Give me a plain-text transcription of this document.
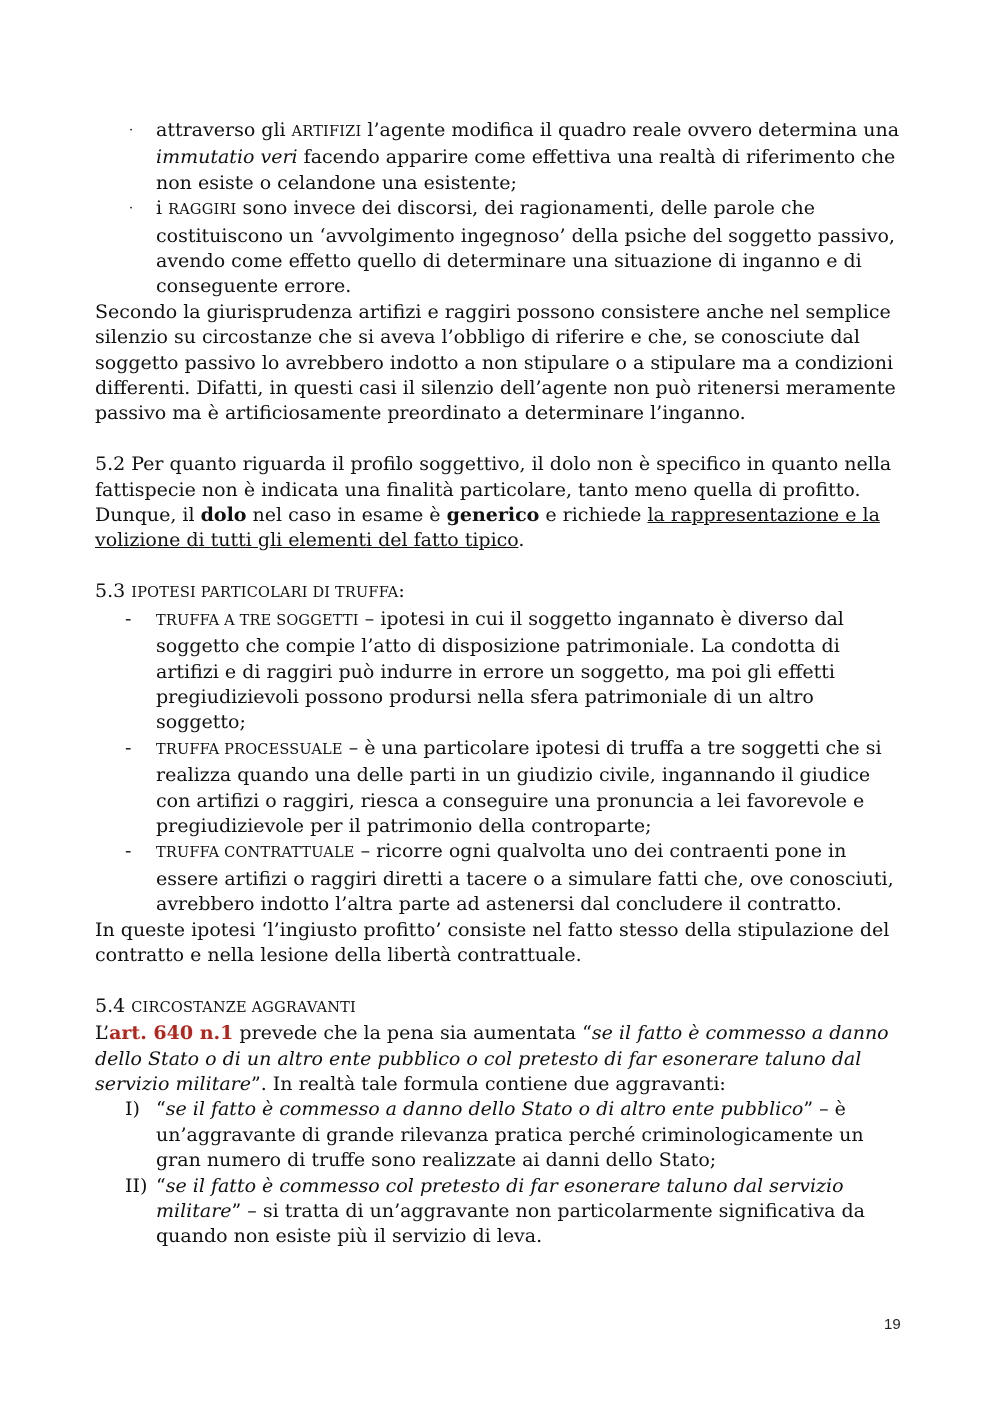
· attraverso gli ARTIFIZI l’agente modifica il quadro reale ovvero determina una immutatio veri facendo apparire come effettiva una realtà di riferimento che non esiste o celandone una esistente;
· i RAGGIRI sono invece dei discorsi, dei ragionamenti, delle parole che costituiscono un ‘avvolgimento ingegnoso’ della psiche del soggetto passivo, avendo come effetto quello di determinare una situazione di inganno e di conseguente errore.

Secondo la giurisprudenza artifizi e raggiri possono consistere anche nel semplice silenzio su circostanze che si aveva l’obbligo di riferire e che, se conosciute dal soggetto passivo lo avrebbero indotto a non stipulare o a stipulare ma a condizioni differenti. Difatti, in questi casi il silenzio dell’agente non può ritenersi meramente passivo ma è artificiosamente preordinato a determinare l’inganno.

5.2 Per quanto riguarda il profilo soggettivo, il dolo non è specifico in quanto nella fattispecie non è indicata una finalità particolare, tanto meno quella di profitto. Dunque, il dolo nel caso in esame è generico e richiede la rappresentazione e la volizione di tutti gli elementi del fatto tipico.

5.3 IPOTESI PARTICOLARI DI TRUFFA:

- TRUFFA A TRE SOGGETTI – ipotesi in cui il soggetto ingannato è diverso dal soggetto che compie l’atto di disposizione patrimoniale. La condotta di artifizi e di raggiri può indurre in errore un soggetto, ma poi gli effetti pregiudizievoli possono prodursi nella sfera patrimoniale di un altro soggetto;
- TRUFFA PROCESSUALE – è una particolare ipotesi di truffa a tre soggetti che si realizza quando una delle parti in un giudizio civile, ingannando il giudice con artifizi o raggiri, riesca a conseguire una pronuncia a lei favorevole e pregiudizievole per il patrimonio della controparte;
- TRUFFA CONTRATTUALE – ricorre ogni qualvolta uno dei contraenti pone in essere artifizi o raggiri diretti a tacere o a simulare fatti che, ove conosciuti, avrebbero indotto l’altra parte ad astenersi dal concludere il contratto.

In queste ipotesi ‘l’ingiusto profitto’ consiste nel fatto stesso della stipulazione del contratto e nella lesione della libertà contrattuale.

5.4 CIRCOSTANZE AGGRAVANTI

L’art. 640 n.1 prevede che la pena sia aumentata “se il fatto è commesso a danno dello Stato o di un altro ente pubblico o col pretesto di far esonerare taluno dal servizio militare”. In realtà tale formula contiene due aggravanti:

I) “se il fatto è commesso a danno dello Stato o di altro ente pubblico” – è un’aggravante di grande rilevanza pratica perché criminologicamente un gran numero di truffe sono realizzate ai danni dello Stato;
II) “se il fatto è commesso col pretesto di far esonerare taluno dal servizio militare” – si tratta di un’aggravante non particolarmente significativa da quando non esiste più il servizio di leva.
19
